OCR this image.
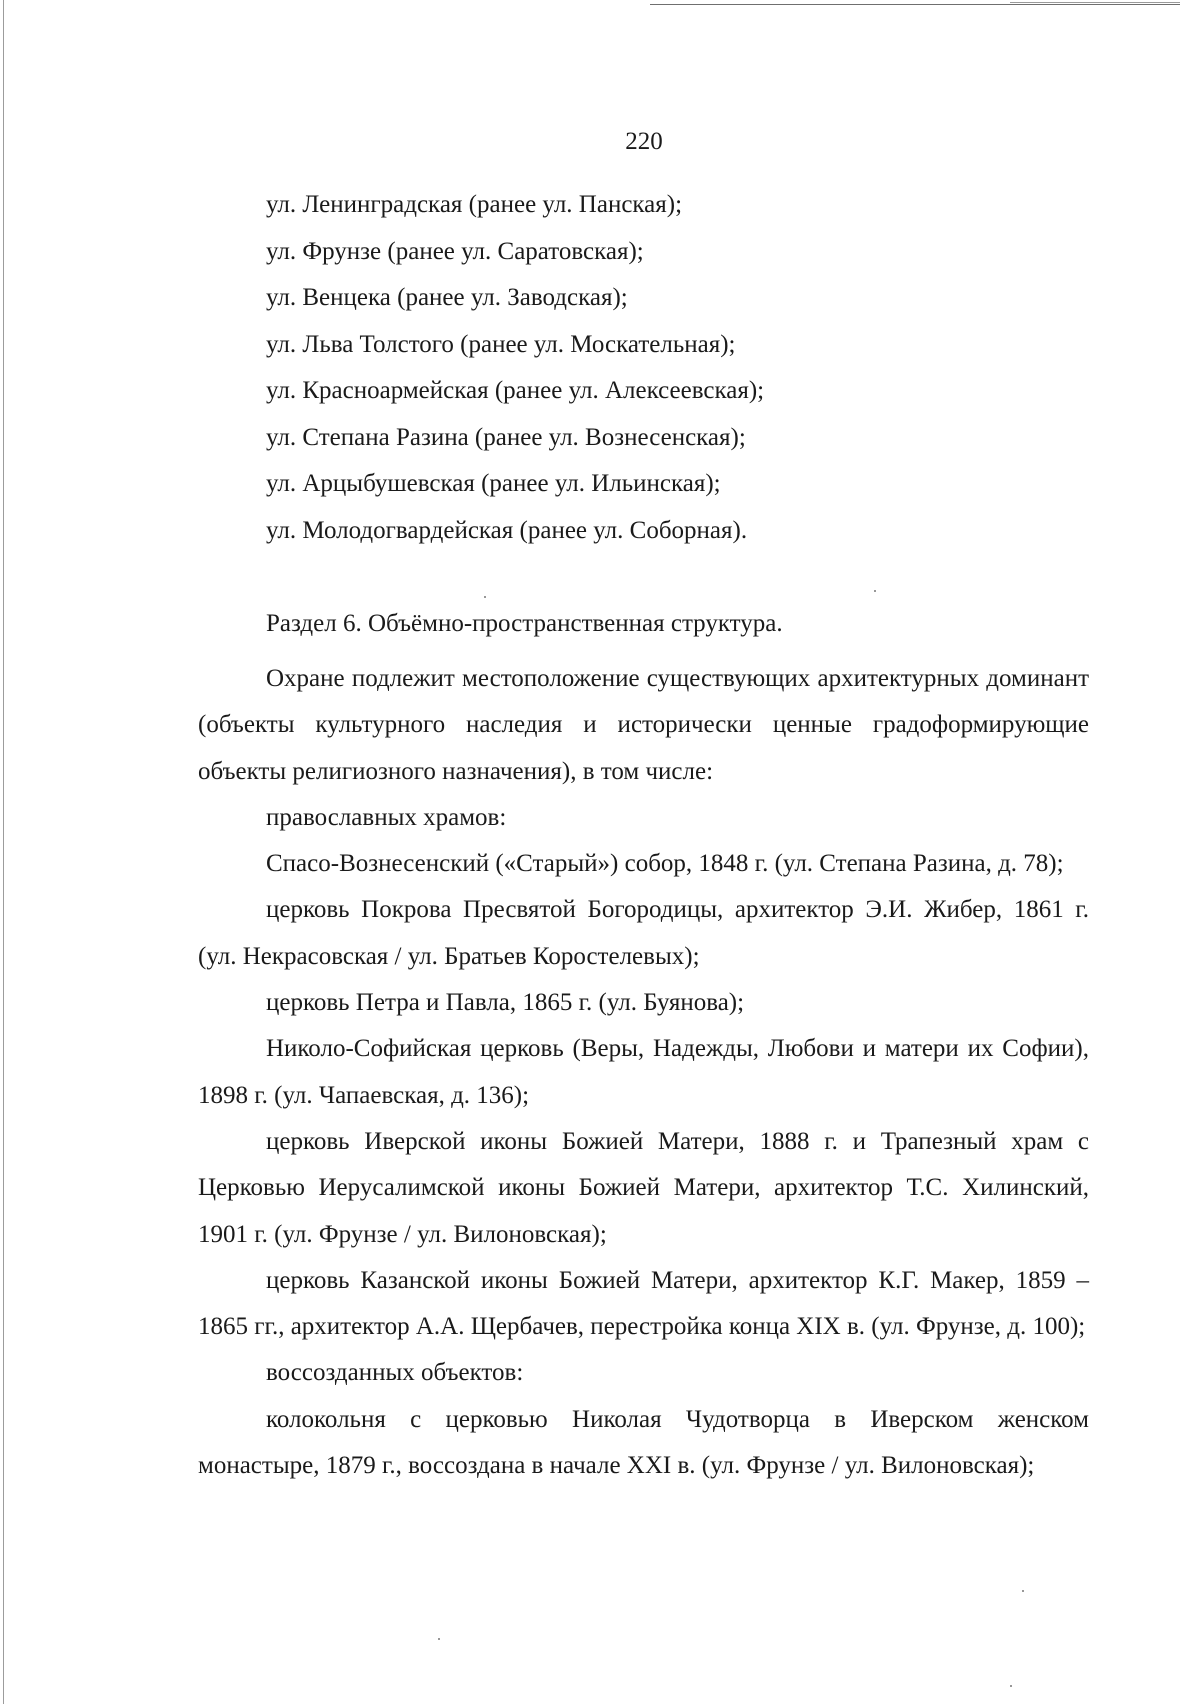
220
ул. Ленинградская (ранее ул. Панская);
ул. Фрунзе (ранее ул. Саратовская);
ул. Венцека (ранее ул. Заводская);
ул. Льва Толстого (ранее ул. Москательная);
ул. Красноармейская (ранее ул. Алексеевская);
ул. Степана Разина (ранее ул. Вознесенская);
ул. Арцыбушевская (ранее ул. Ильинская);
ул. Молодогвардейская (ранее ул. Соборная).
Раздел 6. Объёмно-пространственная структура.

Охране подлежит местоположение существующих архитектурных доминант (объекты культурного наследия и исторически ценные градоформирующие объекты религиозного назначения), в том числе:

православных храмов:

Спасо-Вознесенский («Старый») собор, 1848 г. (ул. Степана Разина, д. 78);

церковь Покрова Пресвятой Богородицы, архитектор Э.И. Жибер, 1861 г. (ул. Некрасовская / ул. Братьев Коростелевых);

церковь Петра и Павла, 1865 г. (ул. Буянова);

Николо-Софийская церковь (Веры, Надежды, Любови и матери их Софии), 1898 г. (ул. Чапаевская, д. 136);

церковь Иверской иконы Божией Матери, 1888 г. и Трапезный храм с Церковью Иерусалимской иконы Божией Матери, архитектор Т.С. Хилинский, 1901 г. (ул. Фрунзе / ул. Вилоновская);

церковь Казанской иконы Божией Матери, архитектор К.Г. Макер, 1859 – 1865 гг., архитектор А.А. Щербачев, перестройка конца XIX в. (ул. Фрунзе, д. 100);

воссозданных объектов:

колокольня с церковью Николая Чудотворца в Иверском женском монастыре, 1879 г., воссоздана в начале XXI в. (ул. Фрунзе / ул. Вилоновская);
